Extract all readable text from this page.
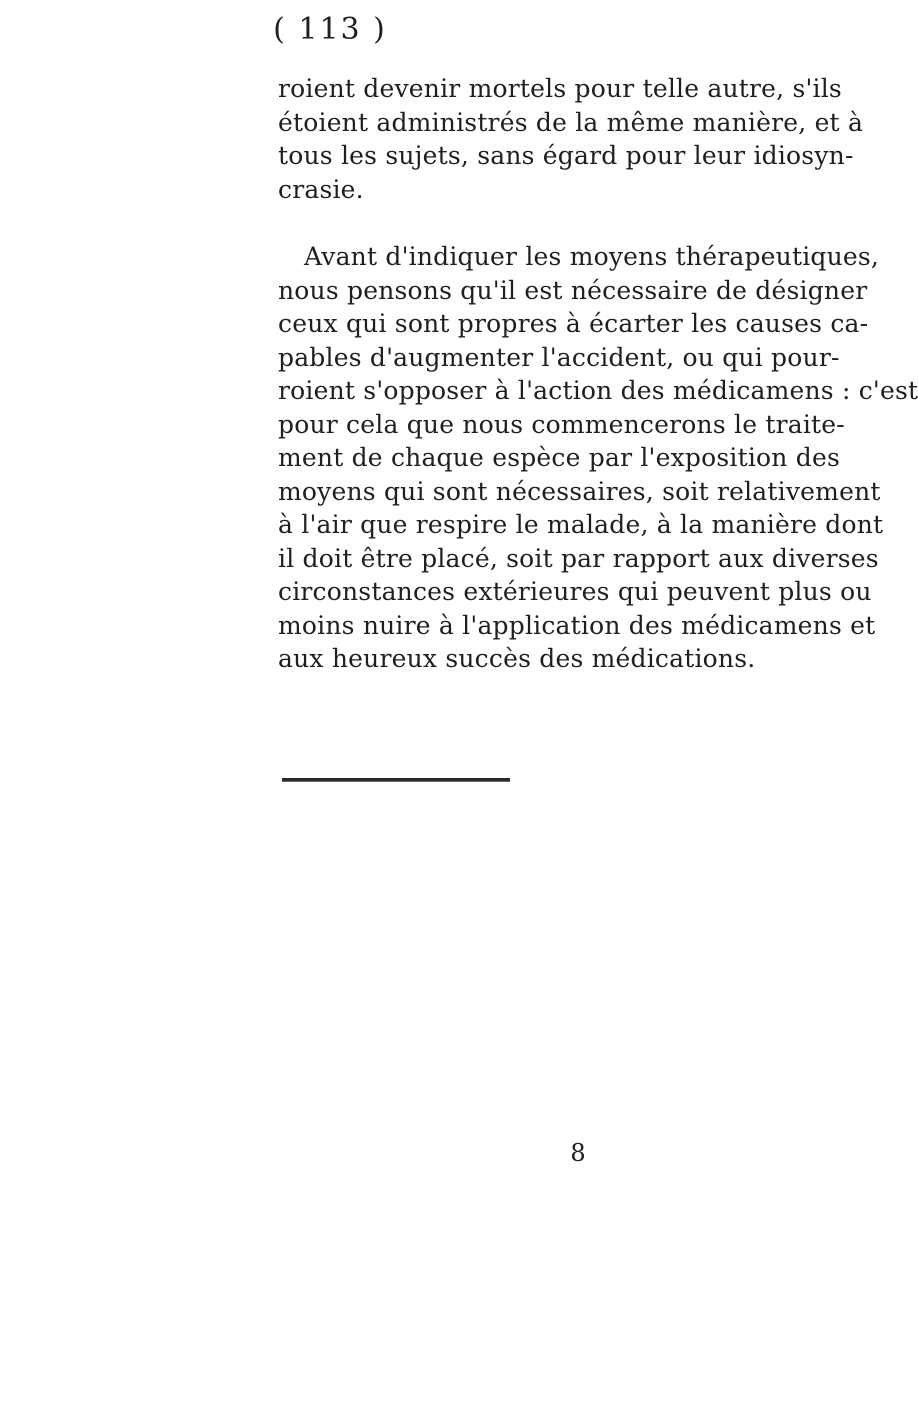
( 113 )
roient devenir mortels pour telle autre, s'ils
étoient administrés de la même manière, et à
tous les sujets, sans égard pour leur idiosyn-
crasie.
Avant d'indiquer les moyens thérapeutiques,
nous pensons qu'il est nécessaire de désigner
ceux qui sont propres à écarter les causes ca-
pables d'augmenter l'accident, ou qui pour-
roient s'opposer à l'action des médicamens : c'est
pour cela que nous commencerons le traite-
ment de chaque espèce par l'exposition des
moyens qui sont nécessaires, soit relativement
à l'air que respire le malade, à la manière dont
il doit être placé, soit par rapport aux diverses
circonstances extérieures qui peuvent plus ou
moins nuire à l'application des médicamens et
aux heureux succès des médications.
8
